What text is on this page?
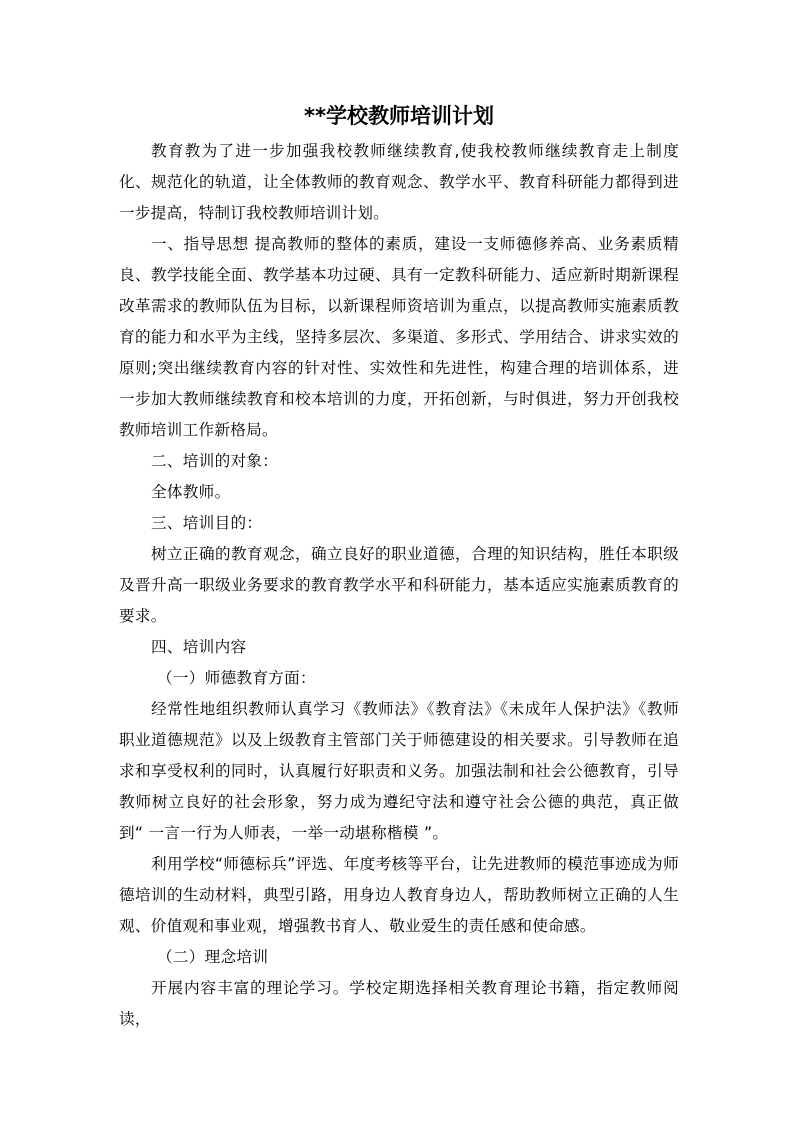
**学校教师培训计划

教育教为了进一步加强我校教师继续教育,使我校教师继续教育走上制度化、规范化的轨道，让全体教师的教育观念、教学水平、教育科研能力都得到进一步提高，特制订我校教师培训计划。

一、指导思想 提高教师的整体的素质，建设一支师德修养高、业务素质精良、教学技能全面、教学基本功过硬、具有一定教科研能力、适应新时期新课程改革需求的教师队伍为目标，以新课程师资培训为重点，以提高教师实施素质教育的能力和水平为主线，坚持多层次、多渠道、多形式、学用结合、讲求实效的原则;突出继续教育内容的针对性、实效性和先进性，构建合理的培训体系，进一步加大教师继续教育和校本培训的力度，开拓创新，与时俱进，努力开创我校教师培训工作新格局。

二、培训的对象：

全体教师。

三、培训目的：

树立正确的教育观念，确立良好的职业道德，合理的知识结构，胜任本职级及晋升高一职级业务要求的教育教学水平和科研能力，基本适应实施素质教育的要求。

四、培训内容

（一）师德教育方面：

经常性地组织教师认真学习《教师法》《教育法》《未成年人保护法》《教师职业道德规范》以及上级教育主管部门关于师德建设的相关要求。引导教师在追求和享受权利的同时，认真履行好职责和义务。加强法制和社会公德教育，引导教师树立良好的社会形象，努力成为遵纪守法和遵守社会公德的典范，真正做到“ 一言一行为人师表，一举一动堪称楷模 ”。

利用学校“师德标兵”评选、年度考核等平台，让先进教师的模范事迹成为师德培训的生动材料，典型引路，用身边人教育身边人，帮助教师树立正确的人生观、价值观和事业观，增强教书育人、敬业爱生的责任感和使命感。

（二）理念培训

开展内容丰富的理论学习。学校定期选择相关教育理论书籍，指定教师阅读，
